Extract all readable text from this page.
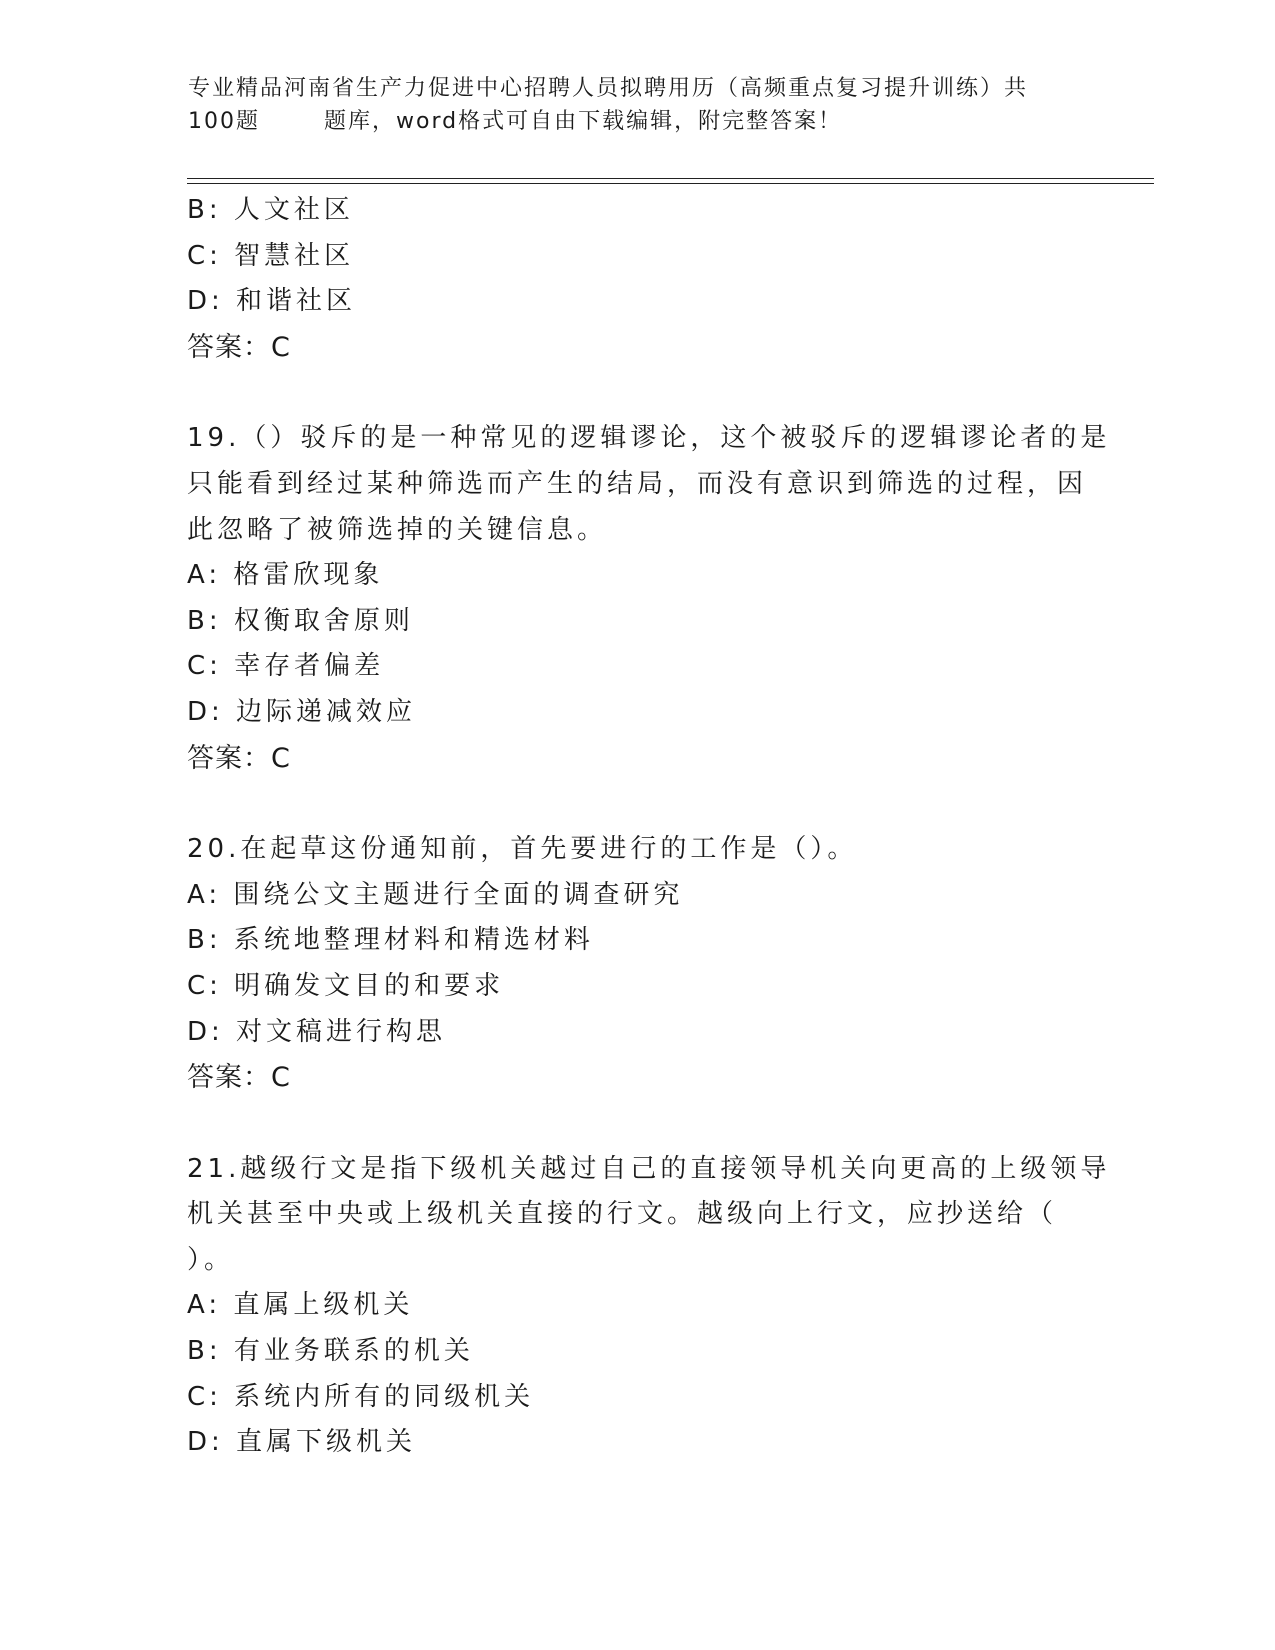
专业精品河南省生产力促进中心招聘人员拟聘用历（高频重点复习提升训练）共
100题	题库，word格式可自由下载编辑，附完整答案！
B: 人文社区
C: 智慧社区
D: 和谐社区
答案：C
19.（）驳斥的是一种常见的逻辑谬论，这个被驳斥的逻辑谬论者的是
只能看到经过某种筛选而产生的结局，而没有意识到筛选的过程，因
此忽略了被筛选掉的关键信息。
A: 格雷欣现象
B: 权衡取舍原则
C: 幸存者偏差
D: 边际递减效应
答案：C
20.在起草这份通知前，首先要进行的工作是（）。
A: 围绕公文主题进行全面的调查研究
B: 系统地整理材料和精选材料
C: 明确发文目的和要求
D: 对文稿进行构思
答案：C
21.越级行文是指下级机关越过自己的直接领导机关向更高的上级领导
机关甚至中央或上级机关直接的行文。越级向上行文，应抄送给（
）。
A: 直属上级机关
B: 有业务联系的机关
C: 系统内所有的同级机关
D: 直属下级机关
